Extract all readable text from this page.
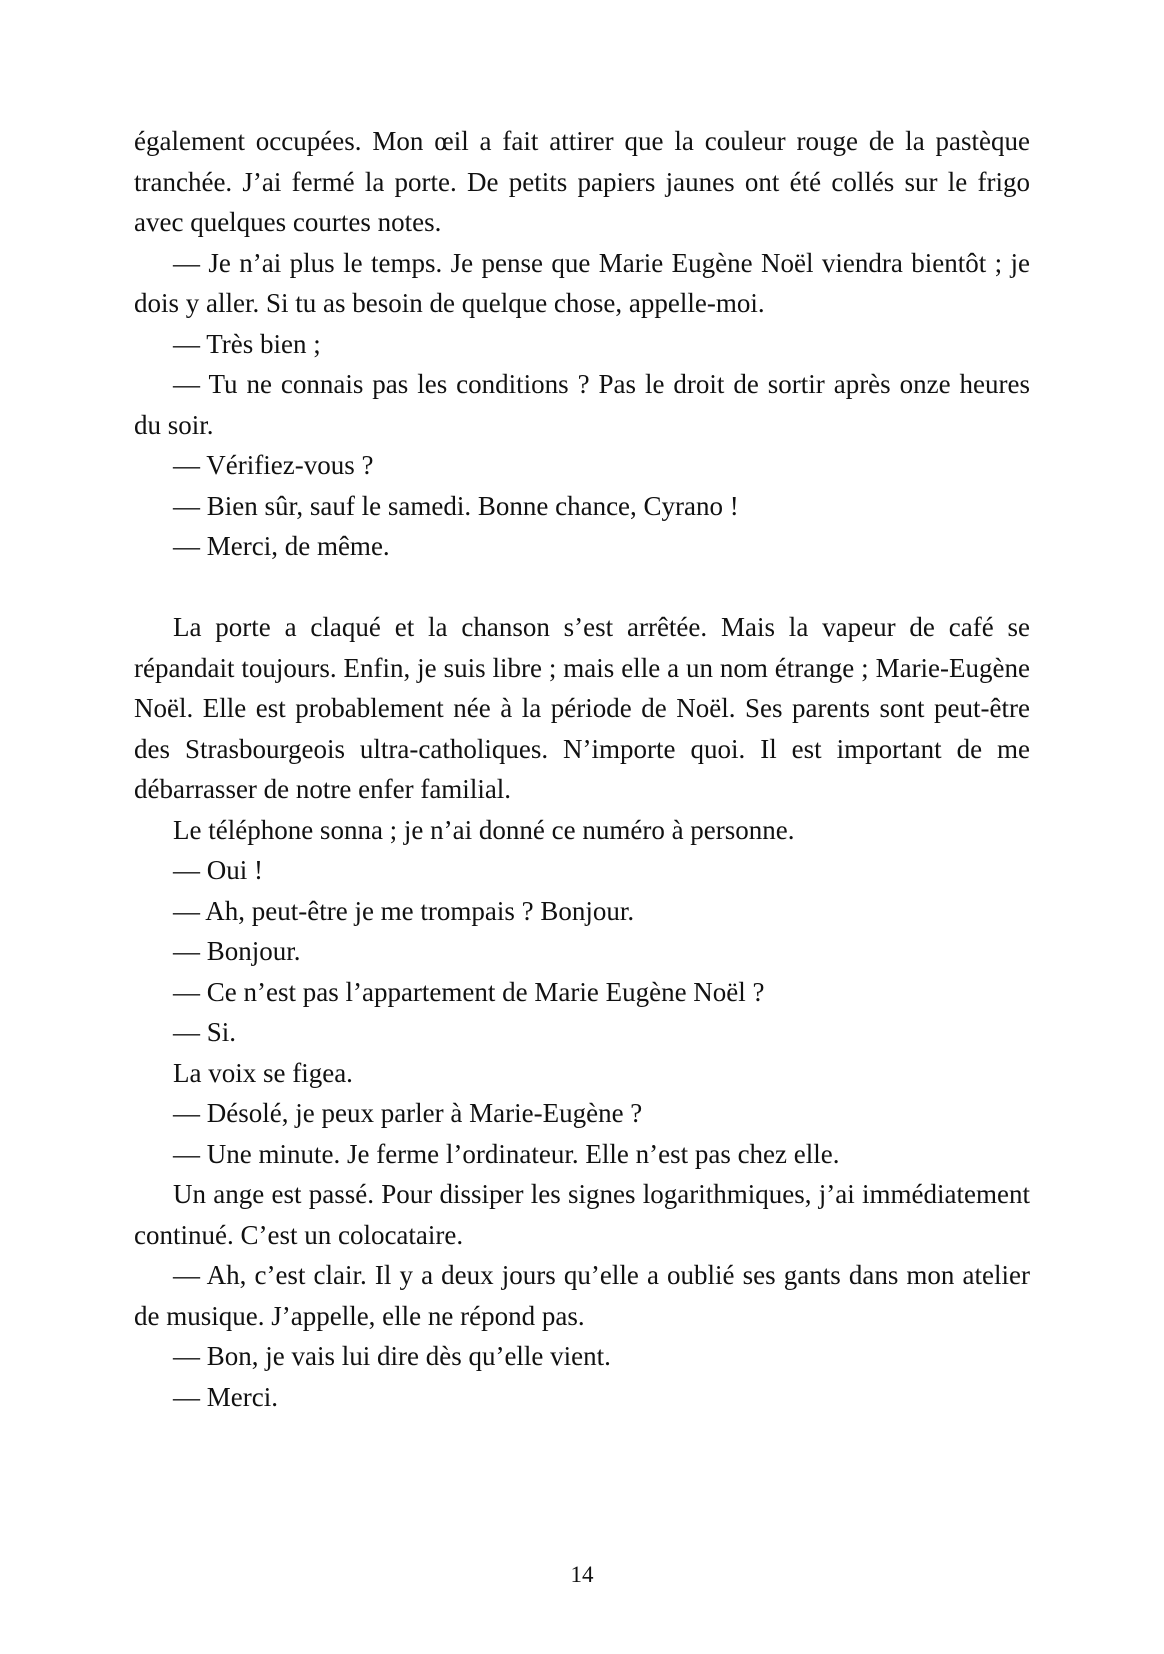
également occupées. Mon œil a fait attirer que la couleur rouge de la pastèque tranchée. J’ai fermé la porte. De petits papiers jaunes ont été collés sur le frigo avec quelques courtes notes.

— Je n’ai plus le temps. Je pense que Marie Eugène Noël viendra bientôt ; je dois y aller. Si tu as besoin de quelque chose, appelle-moi.

— Très bien ;

— Tu ne connais pas les conditions ? Pas le droit de sortir après onze heures du soir.

— Vérifiez-vous ?

— Bien sûr, sauf le samedi. Bonne chance, Cyrano !

— Merci, de même.

La porte a claqué et la chanson s’est arrêtée. Mais la vapeur de café se répandait toujours. Enfin, je suis libre ; mais elle a un nom étrange ; Marie-Eugène Noël. Elle est probablement née à la période de Noël. Ses parents sont peut-être des Strasbourgeois ultra-catholiques. N’importe quoi. Il est important de me débarrasser de notre enfer familial.

Le téléphone sonna ; je n’ai donné ce numéro à personne.

— Oui !

— Ah, peut-être je me trompais ? Bonjour.

— Bonjour.

— Ce n’est pas l’appartement de Marie Eugène Noël ?

— Si.

La voix se figea.

— Désolé, je peux parler à Marie-Eugène ?

— Une minute. Je ferme l’ordinateur. Elle n’est pas chez elle.

Un ange est passé. Pour dissiper les signes logarithmiques, j’ai immédiatement continué. C’est un colocataire.

— Ah, c’est clair. Il y a deux jours qu’elle a oublié ses gants dans mon atelier de musique. J’appelle, elle ne répond pas.

— Bon, je vais lui dire dès qu’elle vient.

— Merci.

14
